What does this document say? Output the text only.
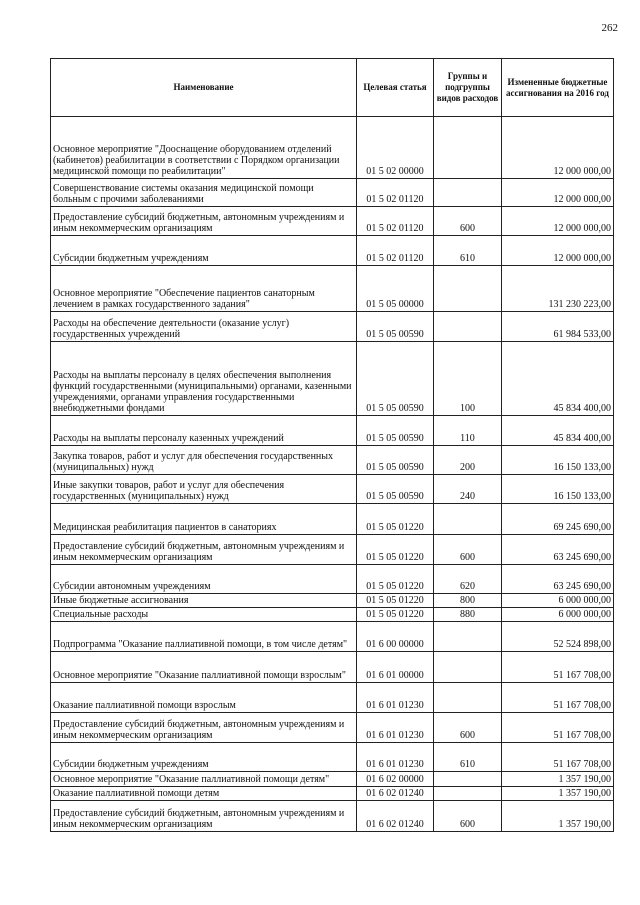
262
Наименование	Целевая статья	Группы и подгруппы видов расходов	Измененные бюджетные ассигнования на 2016 год
Основное мероприятие "Дооснащение оборудованием отделений (кабинетов) реабилитации в соответствии с Порядком организации медицинской помощи по реабилитации"	01 5 02 00000		12 000 000,00
Совершенствование системы оказания медицинской помощи больным с прочими заболеваниями	01 5 02 01120		12 000 000,00
Предоставление субсидий бюджетным, автономным учреждениям и иным некоммерческим организациям	01 5 02 01120	600	12 000 000,00
Субсидии бюджетным учреждениям	01 5 02 01120	610	12 000 000,00
Основное мероприятие "Обеспечение пациентов санаторным лечением в рамках государственного задания"	01 5 05 00000		131 230 223,00
Расходы на обеспечение деятельности (оказание услуг) государственных учреждений	01 5 05 00590		61 984 533,00
Расходы на выплаты персоналу в целях обеспечения выполнения функций государственными (муниципальными) органами, казенными учреждениями, органами управления государственными внебюджетными фондами	01 5 05 00590	100	45 834 400,00
Расходы на выплаты персоналу казенных учреждений	01 5 05 00590	110	45 834 400,00
Закупка товаров, работ и услуг для обеспечения государственных (муниципальных) нужд	01 5 05 00590	200	16 150 133,00
Иные закупки товаров, работ и услуг для обеспечения государственных (муниципальных) нужд	01 5 05 00590	240	16 150 133,00
Медицинская реабилитация пациентов в санаториях	01 5 05 01220		69 245 690,00
Предоставление субсидий бюджетным, автономным учреждениям и иным некоммерческим организациям	01 5 05 01220	600	63 245 690,00
Субсидии автономным учреждениям	01 5 05 01220	620	63 245 690,00
Иные бюджетные ассигнования	01 5 05 01220	800	6 000 000,00
Специальные расходы	01 5 05 01220	880	6 000 000,00
Подпрограмма "Оказание паллиативной помощи, в том числе детям"	01 6 00 00000		52 524 898,00
Основное мероприятие "Оказание паллиативной помощи взрослым"	01 6 01 00000		51 167 708,00
Оказание паллиативной помощи взрослым	01 6 01 01230		51 167 708,00
Предоставление субсидий бюджетным, автономным учреждениям и иным некоммерческим организациям	01 6 01 01230	600	51 167 708,00
Субсидии бюджетным учреждениям	01 6 01 01230	610	51 167 708,00
Основное мероприятие "Оказание паллиативной помощи детям"	01 6 02 00000		1 357 190,00
Оказание паллиативной помощи детям	01 6 02 01240		1 357 190,00
Предоставление субсидий бюджетным, автономным учреждениям и иным некоммерческим организациям	01 6 02 01240	600	1 357 190,00
